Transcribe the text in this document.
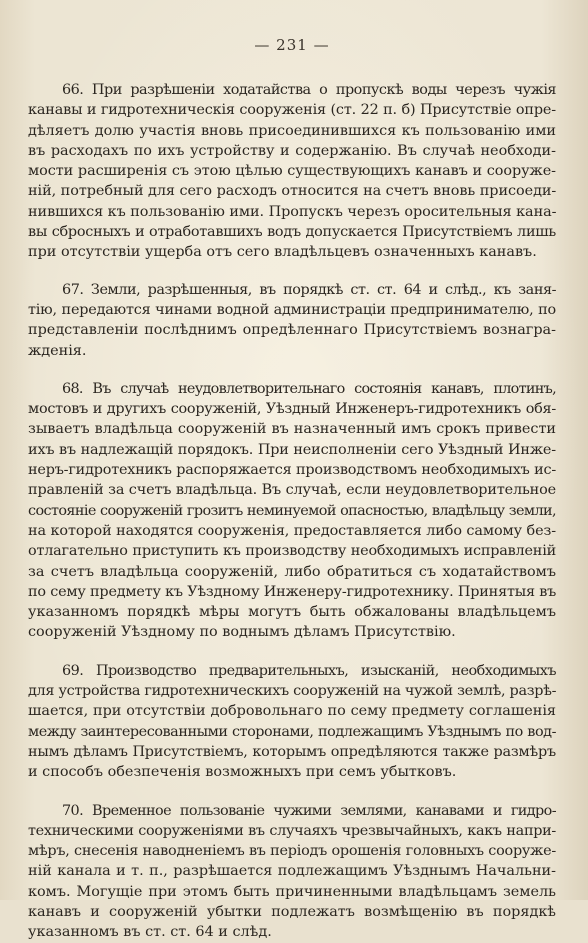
— 231 —
66. При разрѣшеніи ходатайства о пропускѣ воды черезъ чужія
канавы и гидротехническія сооруженія (ст. 22 п. б) Присутствіе опре-
дѣляетъ долю участія вновь присоединившихся къ пользованію ими
въ расходахъ по ихъ устройству и содержанію. Въ случаѣ необходи-
мости расширенія съ этою цѣлью существующихъ канавъ и сооруже-
ній, потребный для сего расходъ относится на счетъ вновь присоеди-
нившихся къ пользованію ими. Пропускъ черезъ оросительныя кана-
вы сбросныхъ и отработавшихъ водъ допускается Присутствіемъ лишь
при отсутствіи ущерба отъ сего владѣльцевъ означенныхъ канавъ.
67. Земли, разрѣшенныя, въ порядкѣ ст. ст. 64 и слѣд., къ заня-
тію, передаются чинами водной администраціи предпринимателю, по
представленіи послѣднимъ опредѣленнаго Присутствіемъ вознагра-
жденія.
68. Въ случаѣ неудовлетворительнаго состоянія канавъ, плотинъ,
мостовъ и другихъ сооруженій, Уѣздный Инженеръ-гидротехникъ обя-
зываетъ владѣльца сооруженій въ назначенный имъ срокъ привести
ихъ въ надлежащій порядокъ. При неисполненіи сего Уѣздный Инже-
неръ-гидротехникъ распоряжается производствомъ необходимыхъ ис-
правленій за счетъ владѣльца. Въ случаѣ, если неудовлетворительное
состояніе сооруженій грозитъ неминуемой опасностью, владѣльцу земли,
на которой находятся сооруженія, предоставляется либо самому без-
отлагательно приступить къ производству необходимыхъ исправленій
за счетъ владѣльца сооруженій, либо обратиться съ ходатайствомъ
по сему предмету къ Уѣздному Инженеру-гидротехнику. Принятыя въ
указанномъ порядкѣ мѣры могутъ быть обжалованы владѣльцемъ
сооруженій Уѣздному по воднымъ дѣламъ Присутствію.
69. Производство предварительныхъ, изысканій, необходимыхъ
для устройства гидротехническихъ сооруженій на чужой землѣ, разрѣ-
шается, при отсутствіи добровольнаго по сему предмету соглашенія
между заинтересованными сторонами, подлежащимъ Уѣзднымъ по вод-
нымъ дѣламъ Присутствіемъ, которымъ опредѣляются также размѣръ
и способъ обезпеченія возможныхъ при семъ убытковъ.
70. Временное пользованіе чужими землями, канавами и гидро-
техническими сооруженіями въ случаяхъ чрезвычайныхъ, какъ напри-
мѣръ, снесенія наводненіемъ въ періодъ орошенія головныхъ сооруже-
ній канала и т. п., разрѣшается подлежащимъ Уѣзднымъ Начальни-
комъ. Могущіе при этомъ быть причиненными владѣльцамъ земель
канавъ и сооруженій убытки подлежатъ возмѣщенію въ порядкѣ
указанномъ въ ст. ст. 64 и слѣд.
